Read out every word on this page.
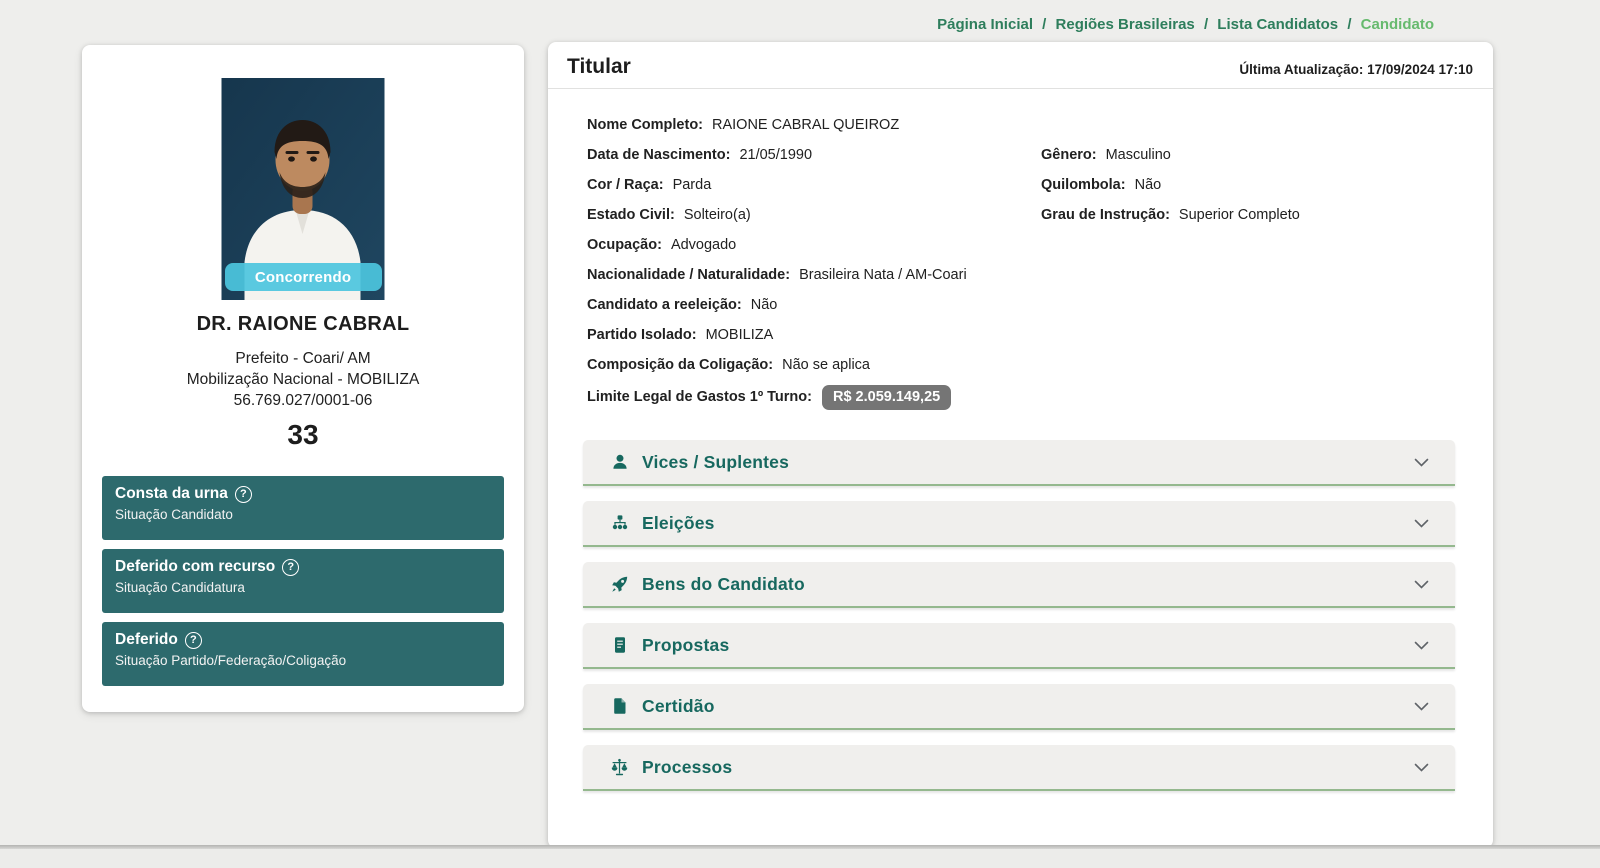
Página Inicial / Regiões Brasileiras / Lista Candidatos / Candidato
Concorrendo
DR. RAIONE CABRAL
Prefeito - Coari/ AM
Mobilização Nacional - MOBILIZA
56.769.027/0001-06
33
Consta da urna	?
Situação Candidato
Deferido com recurso	?
Situação Candidatura
Deferido	?
Situação Partido/Federação/Coligação
Titular	Última Atualização: 17/09/2024 17:10
Nome Completo: RAIONE CABRAL QUEIROZ
Data de Nascimento: 21/05/1990	Gênero: Masculino
Cor / Raça: Parda	Quilombola: Não
Estado Civil: Solteiro(a)	Grau de Instrução: Superior Completo
Ocupação: Advogado
Nacionalidade / Naturalidade: Brasileira Nata / AM-Coari
Candidato a reeleição: Não
Partido Isolado: MOBILIZA
Composição da Coligação: Não se aplica
Limite Legal de Gastos 1º Turno:	R$ 2.059.149,25
Vices / Suplentes
Eleições
Bens do Candidato
Propostas
Certidão
Processos
